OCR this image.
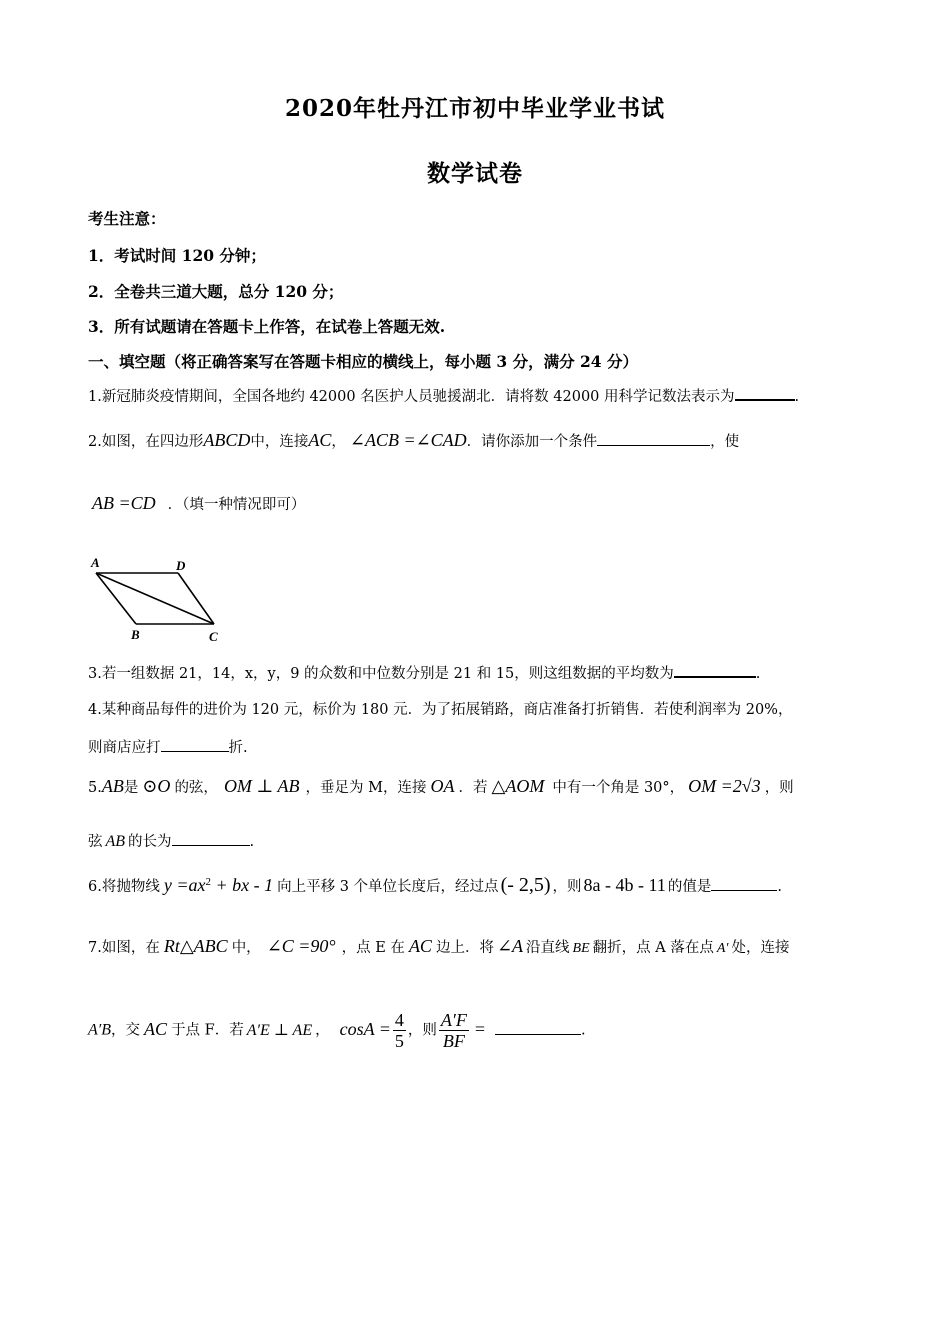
2020年牡丹江市初中毕业学业书试
数学试卷
考生注意：
1．考试时间 120 分钟；
2．全卷共三道大题，总分 120 分；
3．所有试题请在答题卡上作答，在试卷上答题无效.
一、填空题（将正确答案写在答题卡相应的横线上，每小题 3 分，满分 24 分）
1.新冠肺炎疫情期间，全国各地约 42000 名医护人员驰援湖北．请将数 42000 用科学记数法表示为	.
2.如图，在四边形ABCD中，连接AC， ∠ACB =∠CAD．请你添加一个条件	，使
AB =CD ．（填一种情况即可）
A	D
B	C
3.若一组数据 21，14，x，y，9 的众数和中位数分别是 21 和 15，则这组数据的平均数为	.
4.某种商品每件的进价为 120 元，标价为 180 元．为了拓展销路，商店准备打折销售．若使利润率为 20%，
则商店应打	折.
5.AB是 ⊙O 的弦， OM ⊥ AB ，垂足为 M，连接 OA ．若 △AOM 中有一个角是 30°， OM =2√3 ，则
弦 AB 的长为	.
6.将抛物线 $y =ax^2$ + bx - 1 向上平移 3 个单位长度后，经过点 (- 2,5) ，则 8a - 4b - 11 的值是	.
7.如图，在 Rt△ABC 中， ∠C =90° ，点 E 在 AC 边上．将 ∠A 沿直线 BE 翻折，点 A 落在点 A′ 处，连接
A′B，交 AC 于点 F．若 A′E ⊥ AE ， $\cos A = \frac{4}{5}$ ，则 $\frac{A'F}{BF}$ =	.
